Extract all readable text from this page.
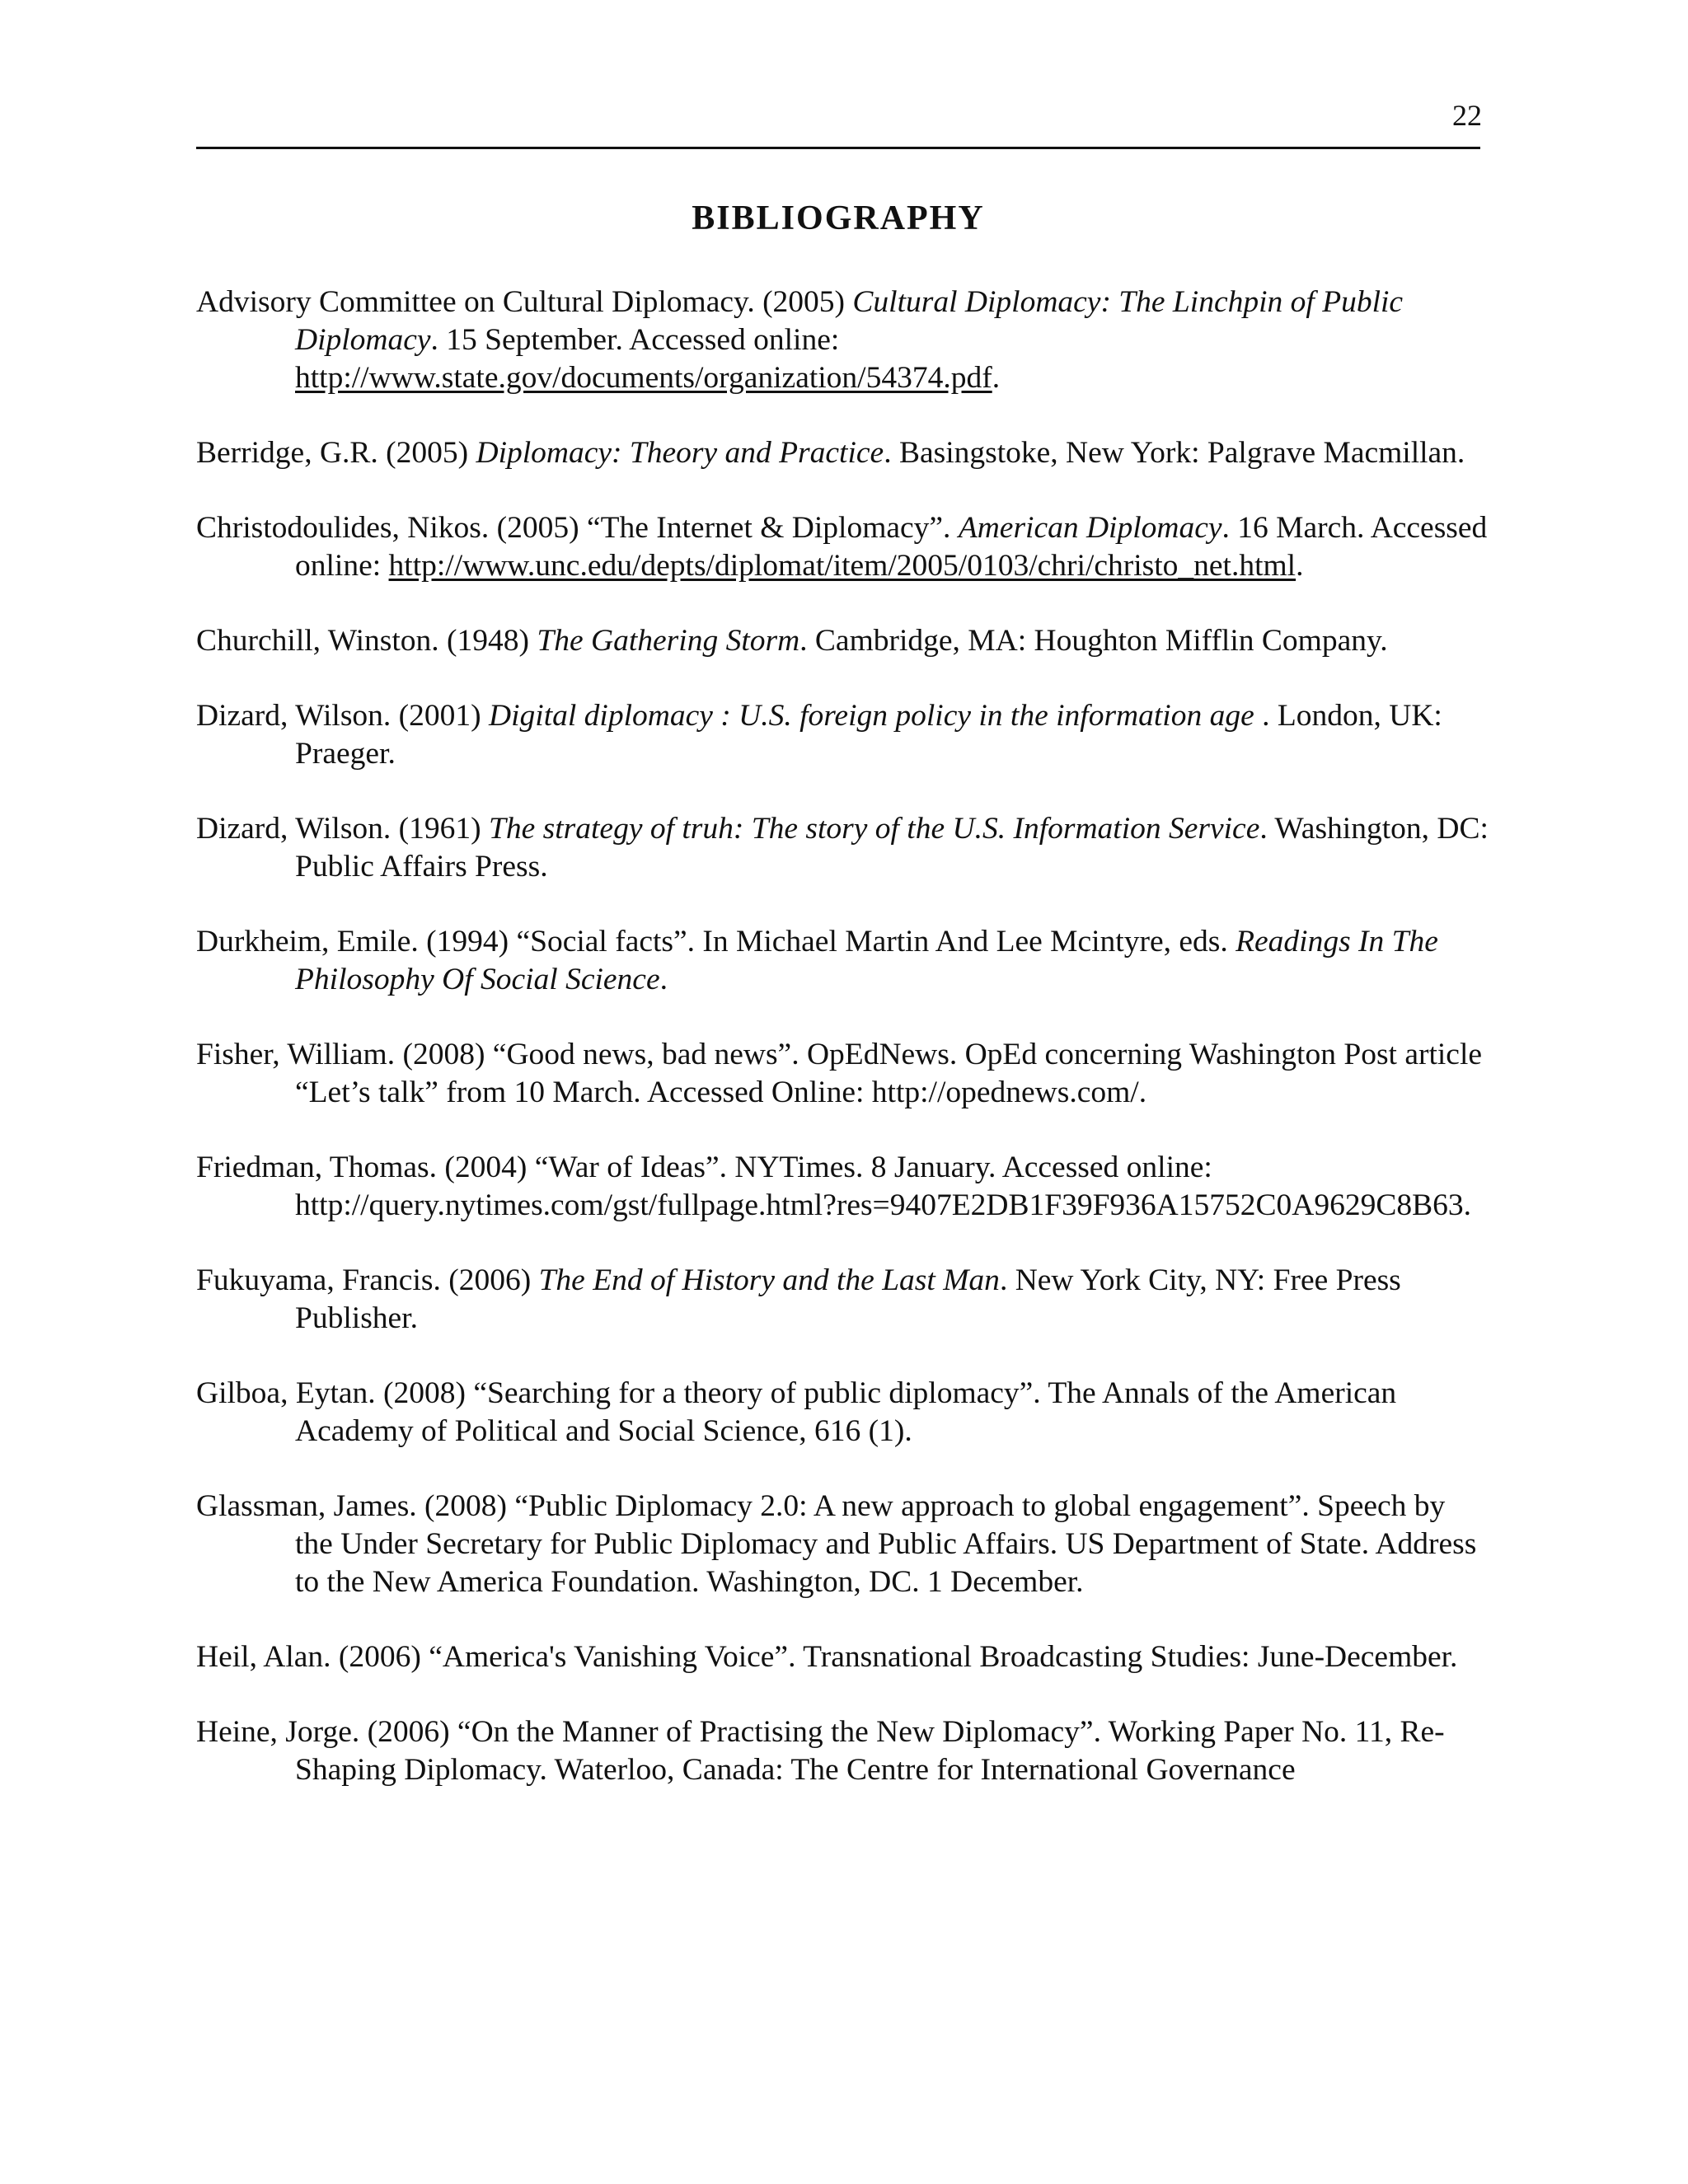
22
BIBLIOGRAPHY
Advisory Committee on Cultural Diplomacy. (2005) Cultural Diplomacy: The Linchpin of Public Diplomacy. 15 September. Accessed online: http://www.state.gov/documents/organization/54374.pdf.
Berridge, G.R. (2005) Diplomacy: Theory and Practice. Basingstoke, New York: Palgrave Macmillan.
Christodoulides, Nikos. (2005) “The Internet & Diplomacy”. American Diplomacy. 16 March. Accessed online: http://www.unc.edu/depts/diplomat/item/2005/0103/chri/christo_net.html.
Churchill, Winston. (1948) The Gathering Storm. Cambridge, MA: Houghton Mifflin Company.
Dizard, Wilson. (2001) Digital diplomacy : U.S. foreign policy in the information age . London, UK: Praeger.
Dizard, Wilson. (1961) The strategy of truh: The story of the U.S. Information Service. Washington, DC: Public Affairs Press.
Durkheim, Emile. (1994) “Social facts”. In Michael Martin And Lee Mcintyre, eds. Readings In The Philosophy Of Social Science.
Fisher, William. (2008) “Good news, bad news”. OpEdNews. OpEd concerning Washington Post article “Let’s talk” from 10 March. Accessed Online: http://opednews.com/.
Friedman, Thomas. (2004) “War of Ideas”. NYTimes. 8 January. Accessed online: http://query.nytimes.com/gst/fullpage.html?res=9407E2DB1F39F936A15752C0A9629C8B63.
Fukuyama, Francis. (2006) The End of History and the Last Man. New York City, NY: Free Press Publisher.
Gilboa, Eytan. (2008) “Searching for a theory of public diplomacy”. The Annals of the American Academy of Political and Social Science, 616 (1).
Glassman, James. (2008) “Public Diplomacy 2.0: A new approach to global engagement”. Speech by the Under Secretary for Public Diplomacy and Public Affairs. US Department of State. Address to the New America Foundation. Washington, DC. 1 December.
Heil, Alan. (2006) “America's Vanishing Voice”. Transnational Broadcasting Studies: June-December.
Heine, Jorge. (2006) “On the Manner of Practising the New Diplomacy”. Working Paper No. 11, Re-Shaping Diplomacy. Waterloo, Canada: The Centre for International Governance
